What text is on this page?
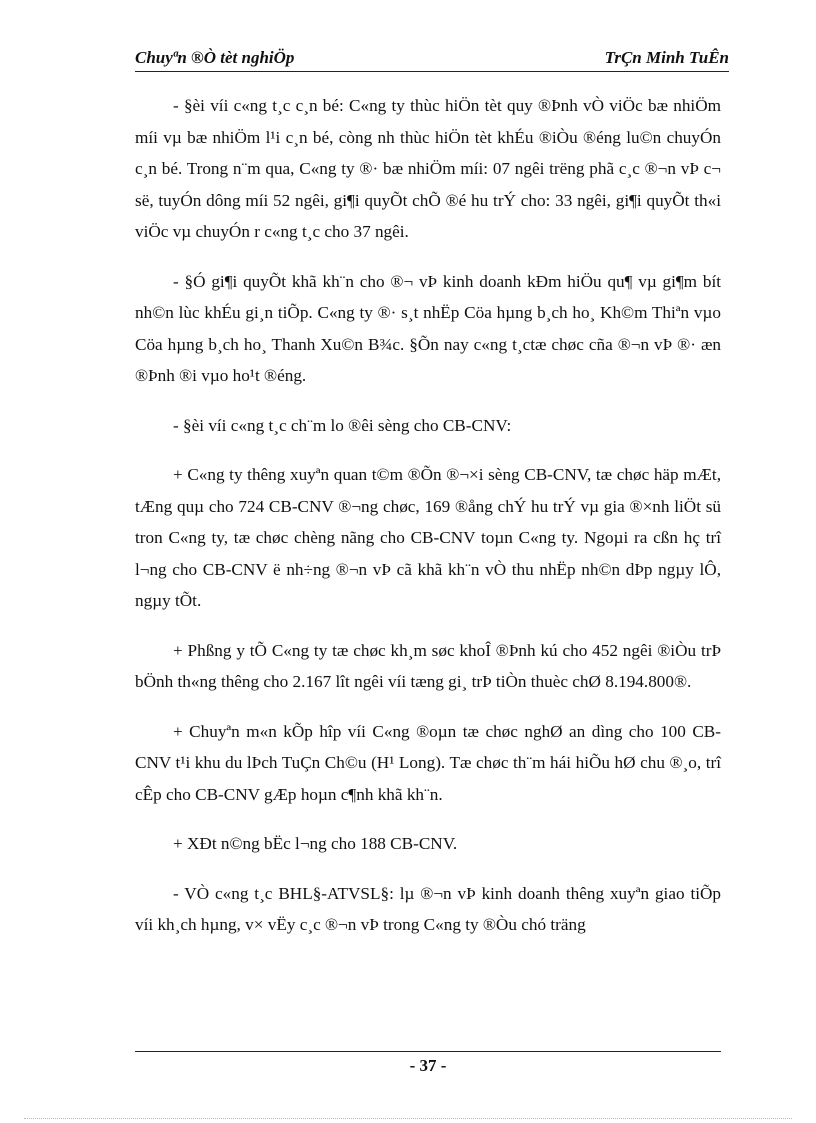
Chuyªn ®Ò tèt nghiÖp	TrÇn Minh TuÊn

- §èi víi c«ng t¸c c¸n bé: C«ng ty thùc hiÖn tèt quy ®Þnh vÒ viÖc bæ nhiÖm míi vµ bæ nhiÖm l¹i c¸n bé, còng nh thùc hiÖn tèt khÉu ®iÒu ®éng lu©n chuyÓn c¸n bé. Trong n¨m qua, C«ng ty ®· bæ nhiÖm míi: 07 ngêi trëng phã c¸c ®¬n vÞ c¬ së, tuyÓn dông míi 52 ngêi, gi¶i quyÕt chÕ ®é hu trÝ cho: 33 ngêi, gi¶i quyÕt th«i viÖc vµ chuyÓn r c«ng t¸c cho 37 ngêi.

- §Ó gi¶i quyÕt khã kh¨n cho ®¬ vÞ kinh doanh kÐm hiÖu qu¶ vµ gi¶m bít nh©n lùc khÉu gi¸n tiÕp. C«ng ty ®· s¸t nhËp Cöa hµng b¸ch ho¸ Kh©m Thiªn vµo Cöa hµng b¸ch ho¸ Thanh Xu©n B¾c. §Õn nay c«ng t¸ctæ chøc cña ®¬n vÞ ®· æn ®Þnh ®i vµo ho¹t ®éng.

- §èi víi c«ng t¸c ch¨m lo ®êi sèng cho CB-CNV:

+ C«ng ty thêng xuyªn quan t©m ®Õn ®¬×i sèng CB-CNV, tæ chøc häp mÆt, tÆng quµ cho 724 CB-CNV ®¬ng chøc, 169 ®ång chÝ hu trÝ vµ gia ®×nh liÖt sü tron C«ng ty, tæ chøc chèng nãng cho CB-CNV toµn C«ng ty. Ngoµi ra cßn hç trî l¬ng cho CB-CNV ë nh÷ng ®¬n vÞ cã khã kh¨n vÒ thu nhËp nh©n dÞp ngµy lÔ, ngµy tÕt.

+ Phßng y tÕ C«ng ty tæ chøc kh¸m søc khoÎ ®Þnh kú cho 452 ngêi ®iÒu trÞ bÖnh th«ng thêng cho 2.167 lît ngêi víi tæng gi¸ trÞ tiÒn thuèc chØ 8.194.800®.

+ Chuyªn m«n kÕp hîp víi C«ng ®oµn tæ chøc nghØ an dìng cho 100 CB-CNV t¹i khu du lÞch TuÇn Ch©u (H¹ Long). Tæ chøc th¨m hái hiÕu hØ chu ®¸o, trî cÊp cho CB-CNV gÆp hoµn c¶nh khã kh¨n.

+ XÐt n©ng bËc l¬ng cho 188 CB-CNV.

- VÒ c«ng t¸c BHL§-ATVSL§: lµ ®¬n vÞ kinh doanh thêng xuyªn giao tiÕp víi kh¸ch hµng, v× vËy c¸c ®¬n vÞ trong C«ng ty ®Òu chó träng

- 37 -
